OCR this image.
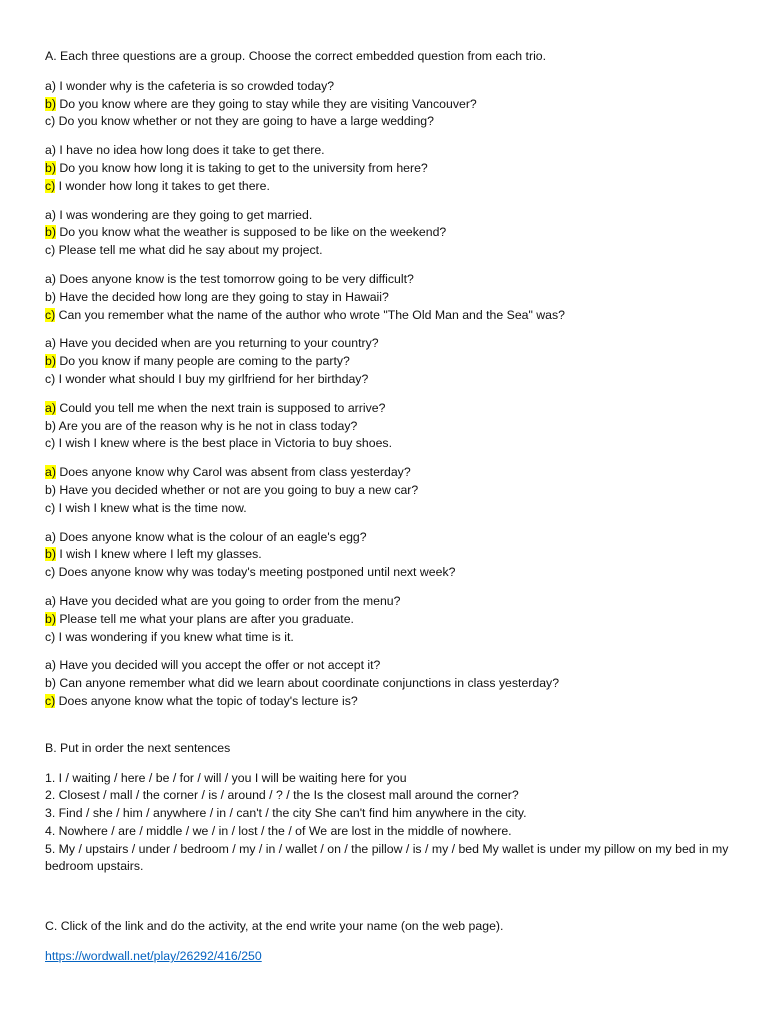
A. Each three questions are a group. Choose the correct embedded question from each trio.

a) I wonder why is the cafeteria is so crowded today?
b) Do you know where are they going to stay while they are visiting Vancouver?
c) Do you know whether or not they are going to have a large wedding?
a) I have no idea how long does it take to get there.
b) Do you know how long it is taking to get to the university from here?
c) I wonder how long it takes to get there.
a) I was wondering are they going to get married.
b) Do you know what the weather is supposed to be like on the weekend?
c) Please tell me what did he say about my project.
a) Does anyone know is the test tomorrow going to be very difficult?
b) Have the decided how long are they going to stay in Hawaii?
c) Can you remember what the name of the author who wrote "The Old Man and the Sea" was?
a) Have you decided when are you returning to your country?
b) Do you know if many people are coming to the party?
c) I wonder what should I buy my girlfriend for her birthday?
a) Could you tell me when the next train is supposed to arrive?
b) Are you are of the reason why is he not in class today?
c) I wish I knew where is the best place in Victoria to buy shoes.
a) Does anyone know why Carol was absent from class yesterday?
b) Have you decided whether or not are you going to buy a new car?
c) I wish I knew what is the time now.
a) Does anyone know what is the colour of an eagle's egg?
b) I wish I knew where I left my glasses.
c) Does anyone know why was today's meeting postponed until next week?
a) Have you decided what are you going to order from the menu?
b) Please tell me what your plans are after you graduate.
c) I was wondering if you knew what time is it.
a) Have you decided will you accept the offer or not accept it?
b) Can anyone remember what did we learn about coordinate conjunctions in class yesterday?
c) Does anyone know what the topic of today's lecture is?

B. Put in order the next sentences

1. I / waiting / here / be / for / will / you I will be waiting here for you
2. Closest / mall / the corner / is / around / ? / the Is the closest mall around the corner?
3. Find / she / him / anywhere / in / can't / the city She can't find him anywhere in the city.
4. Nowhere / are / middle / we / in / lost / the / of We are lost in the middle of nowhere.
5. My / upstairs / under / bedroom / my / in / wallet / on / the pillow / is / my / bed My wallet is under my pillow on my bed in my bedroom upstairs.

C. Click of the link and do the activity, at the end write your name (on the web page).

https://wordwall.net/play/26292/416/250
